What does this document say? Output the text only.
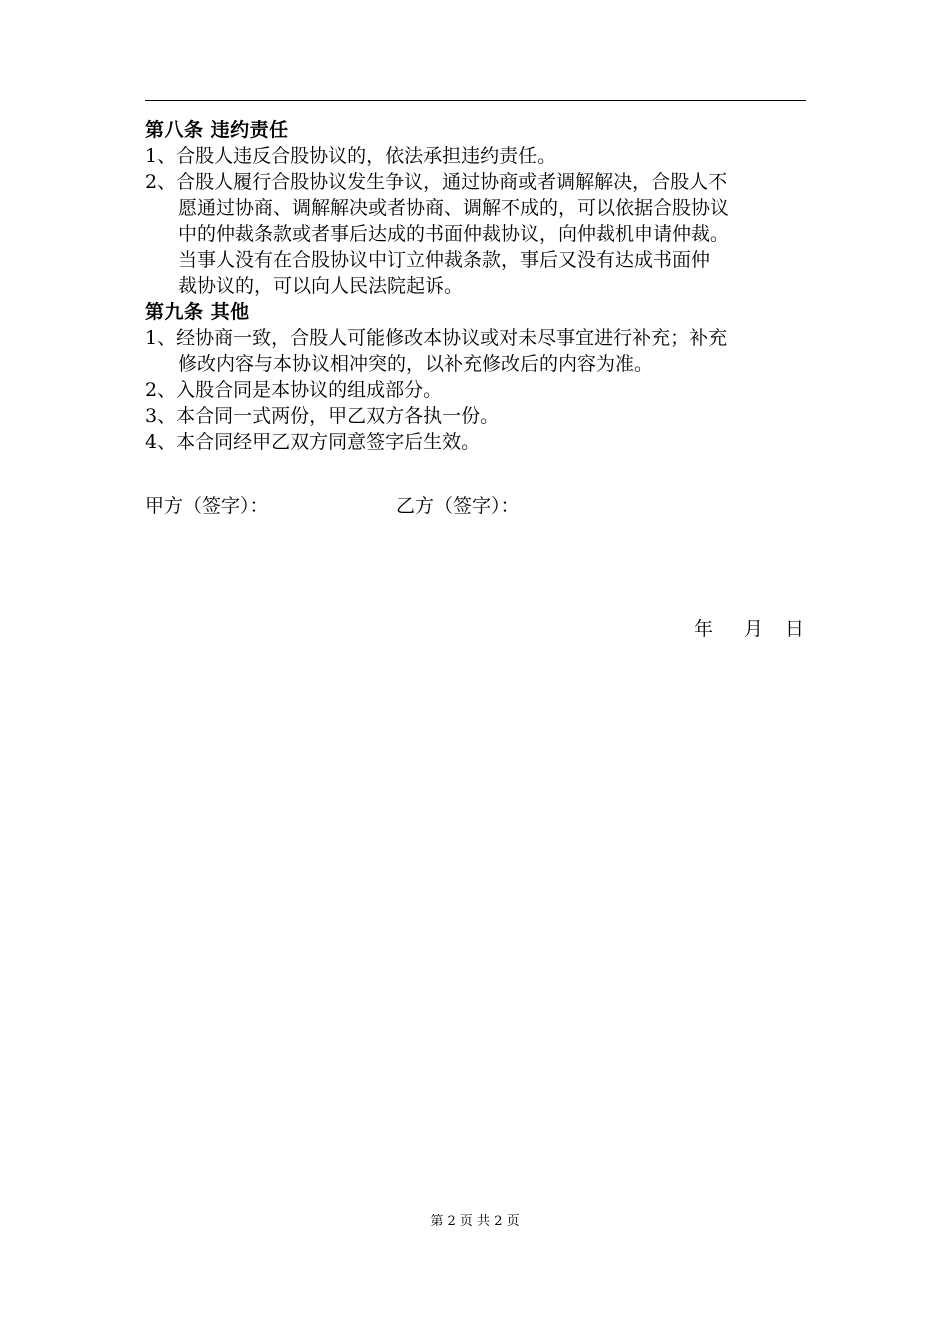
第八条 违约责任
1、合股人违反合股协议的，依法承担违约责任。
2、合股人履行合股协议发生争议，通过协商或者调解解决，合股人不
愿通过协商、调解解决或者协商、调解不成的，可以依据合股协议
中的仲裁条款或者事后达成的书面仲裁协议，向仲裁机申请仲裁。
当事人没有在合股协议中订立仲裁条款，事后又没有达成书面仲
裁协议的，可以向人民法院起诉。
第九条 其他
1、经协商一致，合股人可能修改本协议或对未尽事宜进行补充；补充
修改内容与本协议相冲突的，以补充修改后的内容为准。
2、入股合同是本协议的组成部分。
3、本合同一式两份，甲乙双方各执一份。
4、本合同经甲乙双方同意签字后生效。
甲方（签字）：	乙方（签字）：
年 月 日
第 2 页 共 2 页
